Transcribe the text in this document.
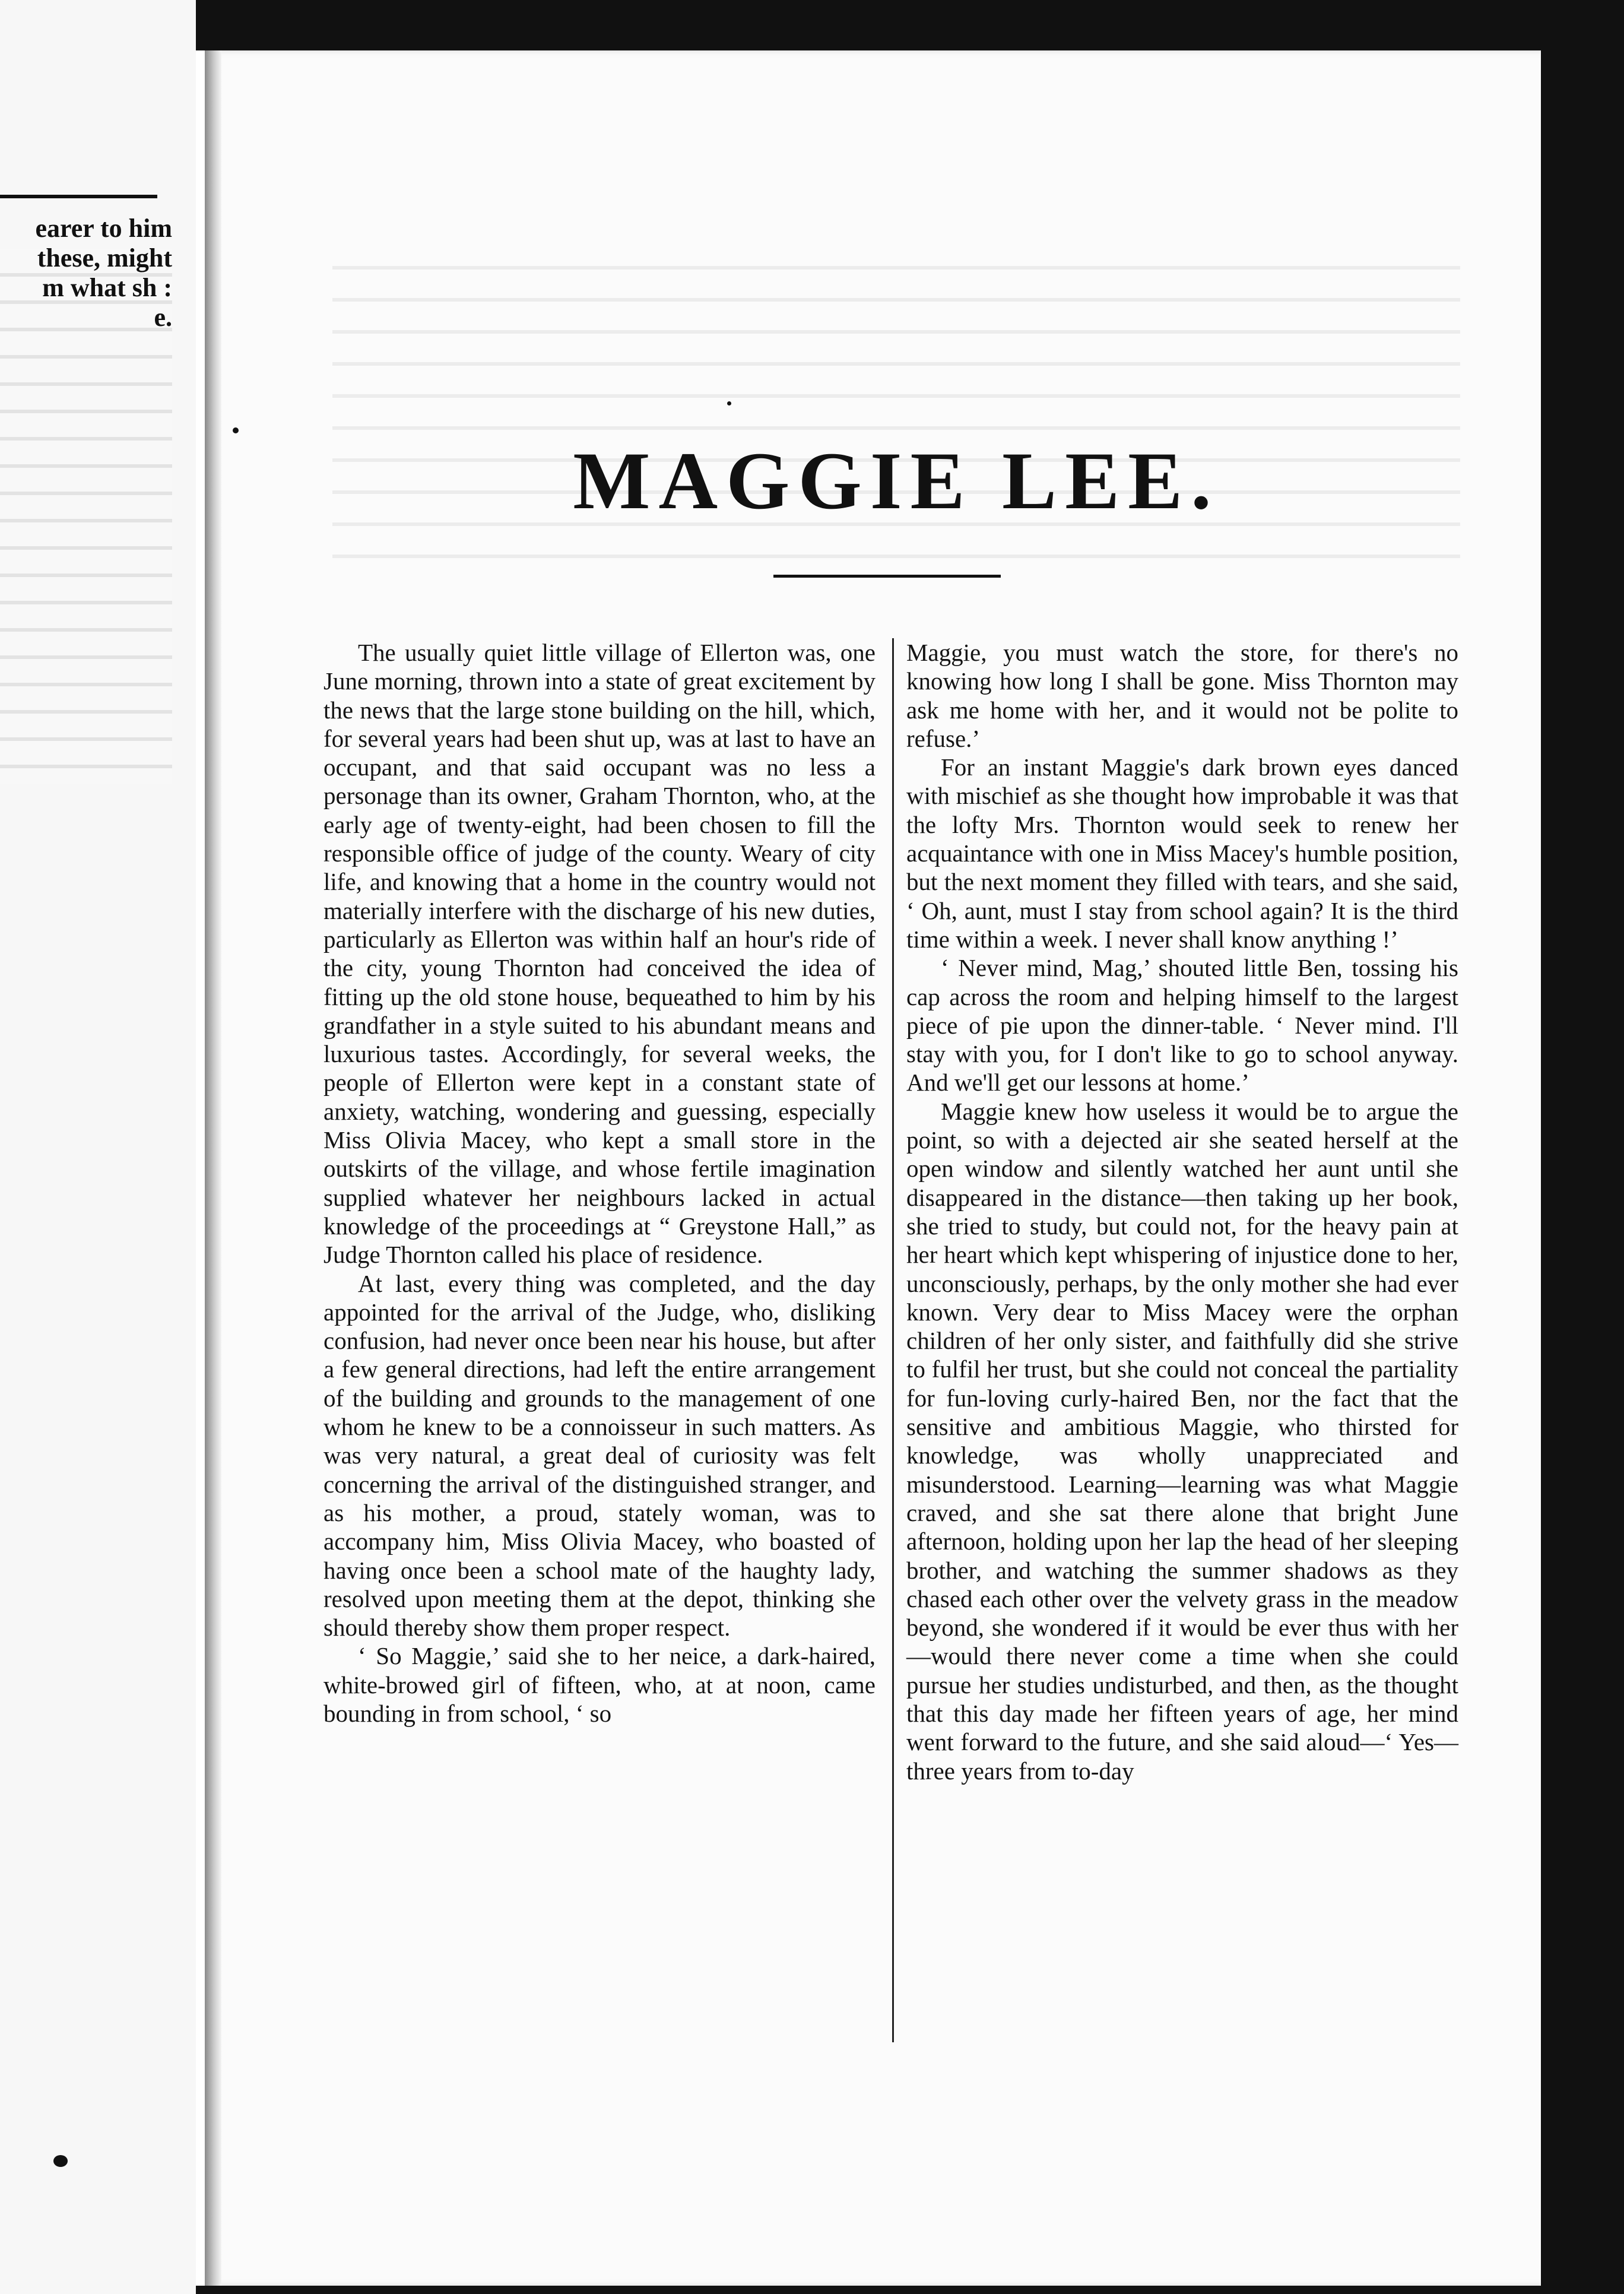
earer to him
these, might
m what sh :
e.
MAGGIE LEE.

The usually quiet little village of Ellerton was, one June morning, thrown into a state of great excitement by the news that the large stone building on the hill, which, for several years had been shut up, was at last to have an occupant, and that said occupant was no less a personage than its owner, Graham Thornton, who, at the early age of twenty-eight, had been chosen to fill the responsible office of judge of the county. Weary of city life, and knowing that a home in the country would not materially interfere with the discharge of his new duties, particularly as Ellerton was within half an hour's ride of the city, young Thornton had conceived the idea of fitting up the old stone house, bequeathed to him by his grandfather in a style suited to his abundant means and luxurious tastes. Accordingly, for several weeks, the people of Ellerton were kept in a constant state of anxiety, watching, wondering and guessing, especially Miss Olivia Macey, who kept a small store in the outskirts of the village, and whose fertile imagination supplied whatever her neighbours lacked in actual knowledge of the proceedings at “ Greystone Hall,” as Judge Thornton called his place of residence.

At last, every thing was completed, and the day appointed for the arrival of the Judge, who, disliking confusion, had never once been near his house, but after a few general directions, had left the entire arrangement of the building and grounds to the management of one whom he knew to be a connoisseur in such matters. As was very natural, a great deal of curiosity was felt concerning the arrival of the distinguished stranger, and as his mother, a proud, stately woman, was to accompany him, Miss Olivia Macey, who boasted of having once been a school mate of the haughty lady, resolved upon meeting them at the depot, thinking she should thereby show them proper respect.

‘ So Maggie,’ said she to her neice, a dark-haired, white-browed girl of fifteen, who, at at noon, came bounding in from school, ‘ so

Maggie, you must watch the store, for there's no knowing how long I shall be gone. Miss Thornton may ask me home with her, and it would not be polite to refuse.’

For an instant Maggie's dark brown eyes danced with mischief as she thought how improbable it was that the lofty Mrs. Thornton would seek to renew her acquaintance with one in Miss Macey's humble position, but the next moment they filled with tears, and she said, ‘ Oh, aunt, must I stay from school again? It is the third time within a week. I never shall know anything !’

‘ Never mind, Mag,’ shouted little Ben, tossing his cap across the room and helping himself to the largest piece of pie upon the dinner-table. ‘ Never mind. I'll stay with you, for I don't like to go to school anyway. And we'll get our lessons at home.’

Maggie knew how useless it would be to argue the point, so with a dejected air she seated herself at the open window and silently watched her aunt until she disappeared in the distance—then taking up her book, she tried to study, but could not, for the heavy pain at her heart which kept whispering of injustice done to her, unconsciously, perhaps, by the only mother she had ever known. Very dear to Miss Macey were the orphan children of her only sister, and faithfully did she strive to fulfil her trust, but she could not conceal the partiality for fun-loving curly-haired Ben, nor the fact that the sensitive and ambitious Maggie, who thirsted for knowledge, was wholly unappreciated and misunderstood. Learning—learning was what Maggie craved, and she sat there alone that bright June afternoon, holding upon her lap the head of her sleeping brother, and watching the summer shadows as they chased each other over the velvety grass in the meadow beyond, she wondered if it would be ever thus with her—would there never come a time when she could pursue her studies undisturbed, and then, as the thought that this day made her fifteen years of age, her mind went forward to the future, and she said aloud—‘ Yes—three years from to-day
